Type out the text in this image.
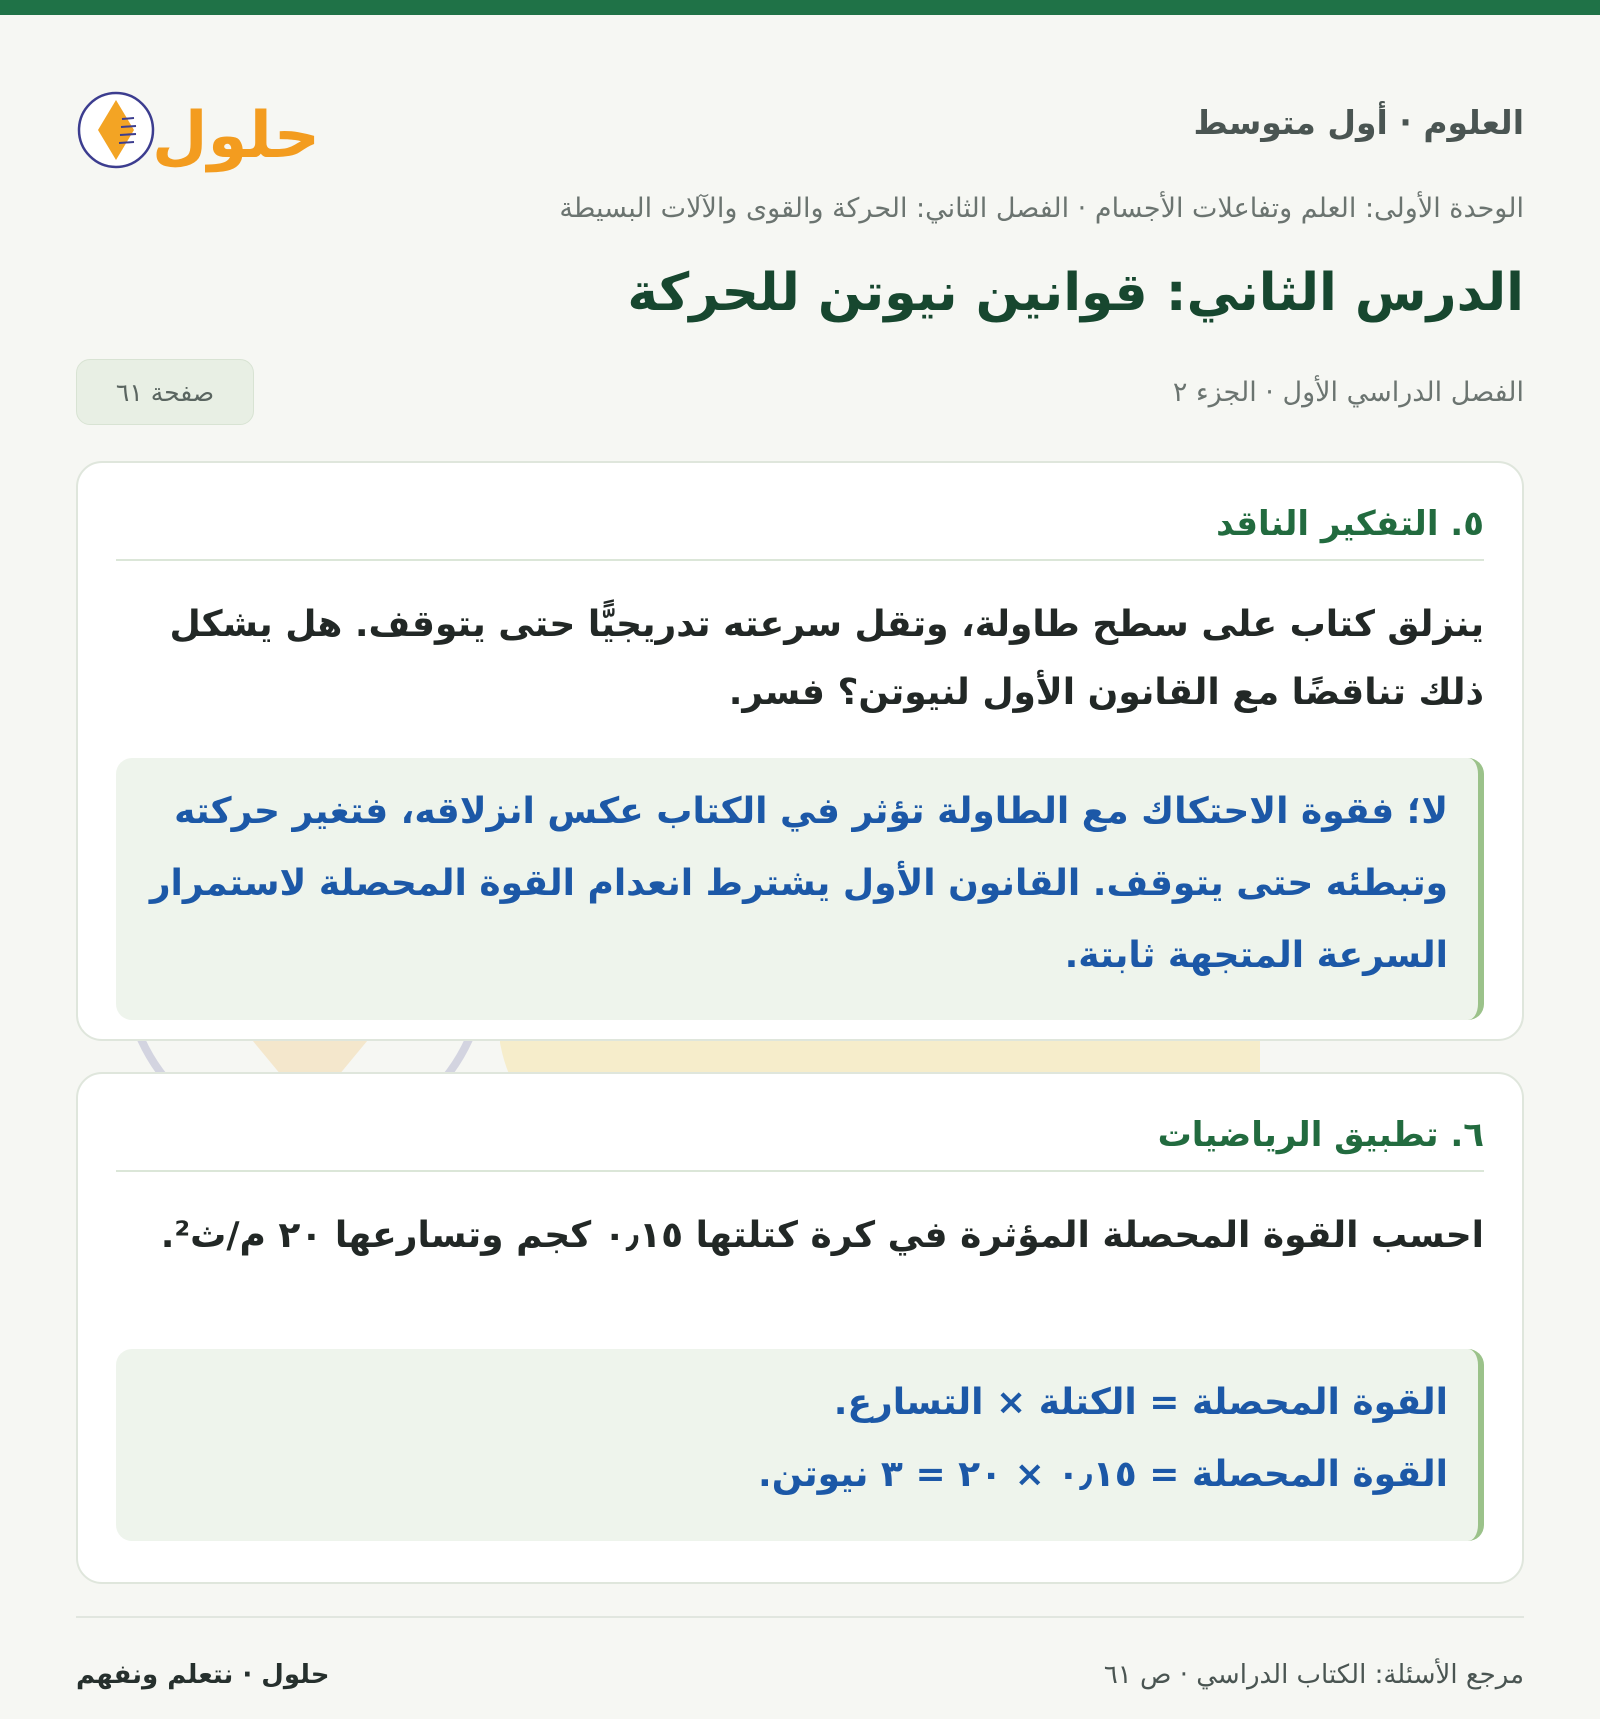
العلوم · أول متوسط
حلول
الوحدة الأولى: العلم وتفاعلات الأجسام · الفصل الثاني: الحركة والقوى والآلات البسيطة
الدرس الثاني: قوانين نيوتن للحركة
الفصل الدراسي الأول · الجزء ٢
صفحة ٦١
٥. التفكير الناقد
ينزلق كتاب على سطح طاولة، وتقل سرعته تدريجيًّا حتى يتوقف. هل يشكل ذلك تناقضًا مع القانون الأول لنيوتن؟ فسر.
لا؛ فقوة الاحتكاك مع الطاولة تؤثر في الكتاب عكس انزلاقه، فتغير حركته وتبطئه حتى يتوقف. القانون الأول يشترط انعدام القوة المحصلة لاستمرار السرعة المتجهة ثابتة.
٦. تطبيق الرياضيات
احسب القوة المحصلة المؤثرة في كرة كتلتها ٠٫١٥ كجم وتسارعها ٢٠ م/ث².
القوة المحصلة = الكتلة × التسارع.
القوة المحصلة = ٠٫١٥ × ٢٠ = ٣ نيوتن.
مرجع الأسئلة: الكتاب الدراسي · ص ٦١
حلول · نتعلم ونفهم
